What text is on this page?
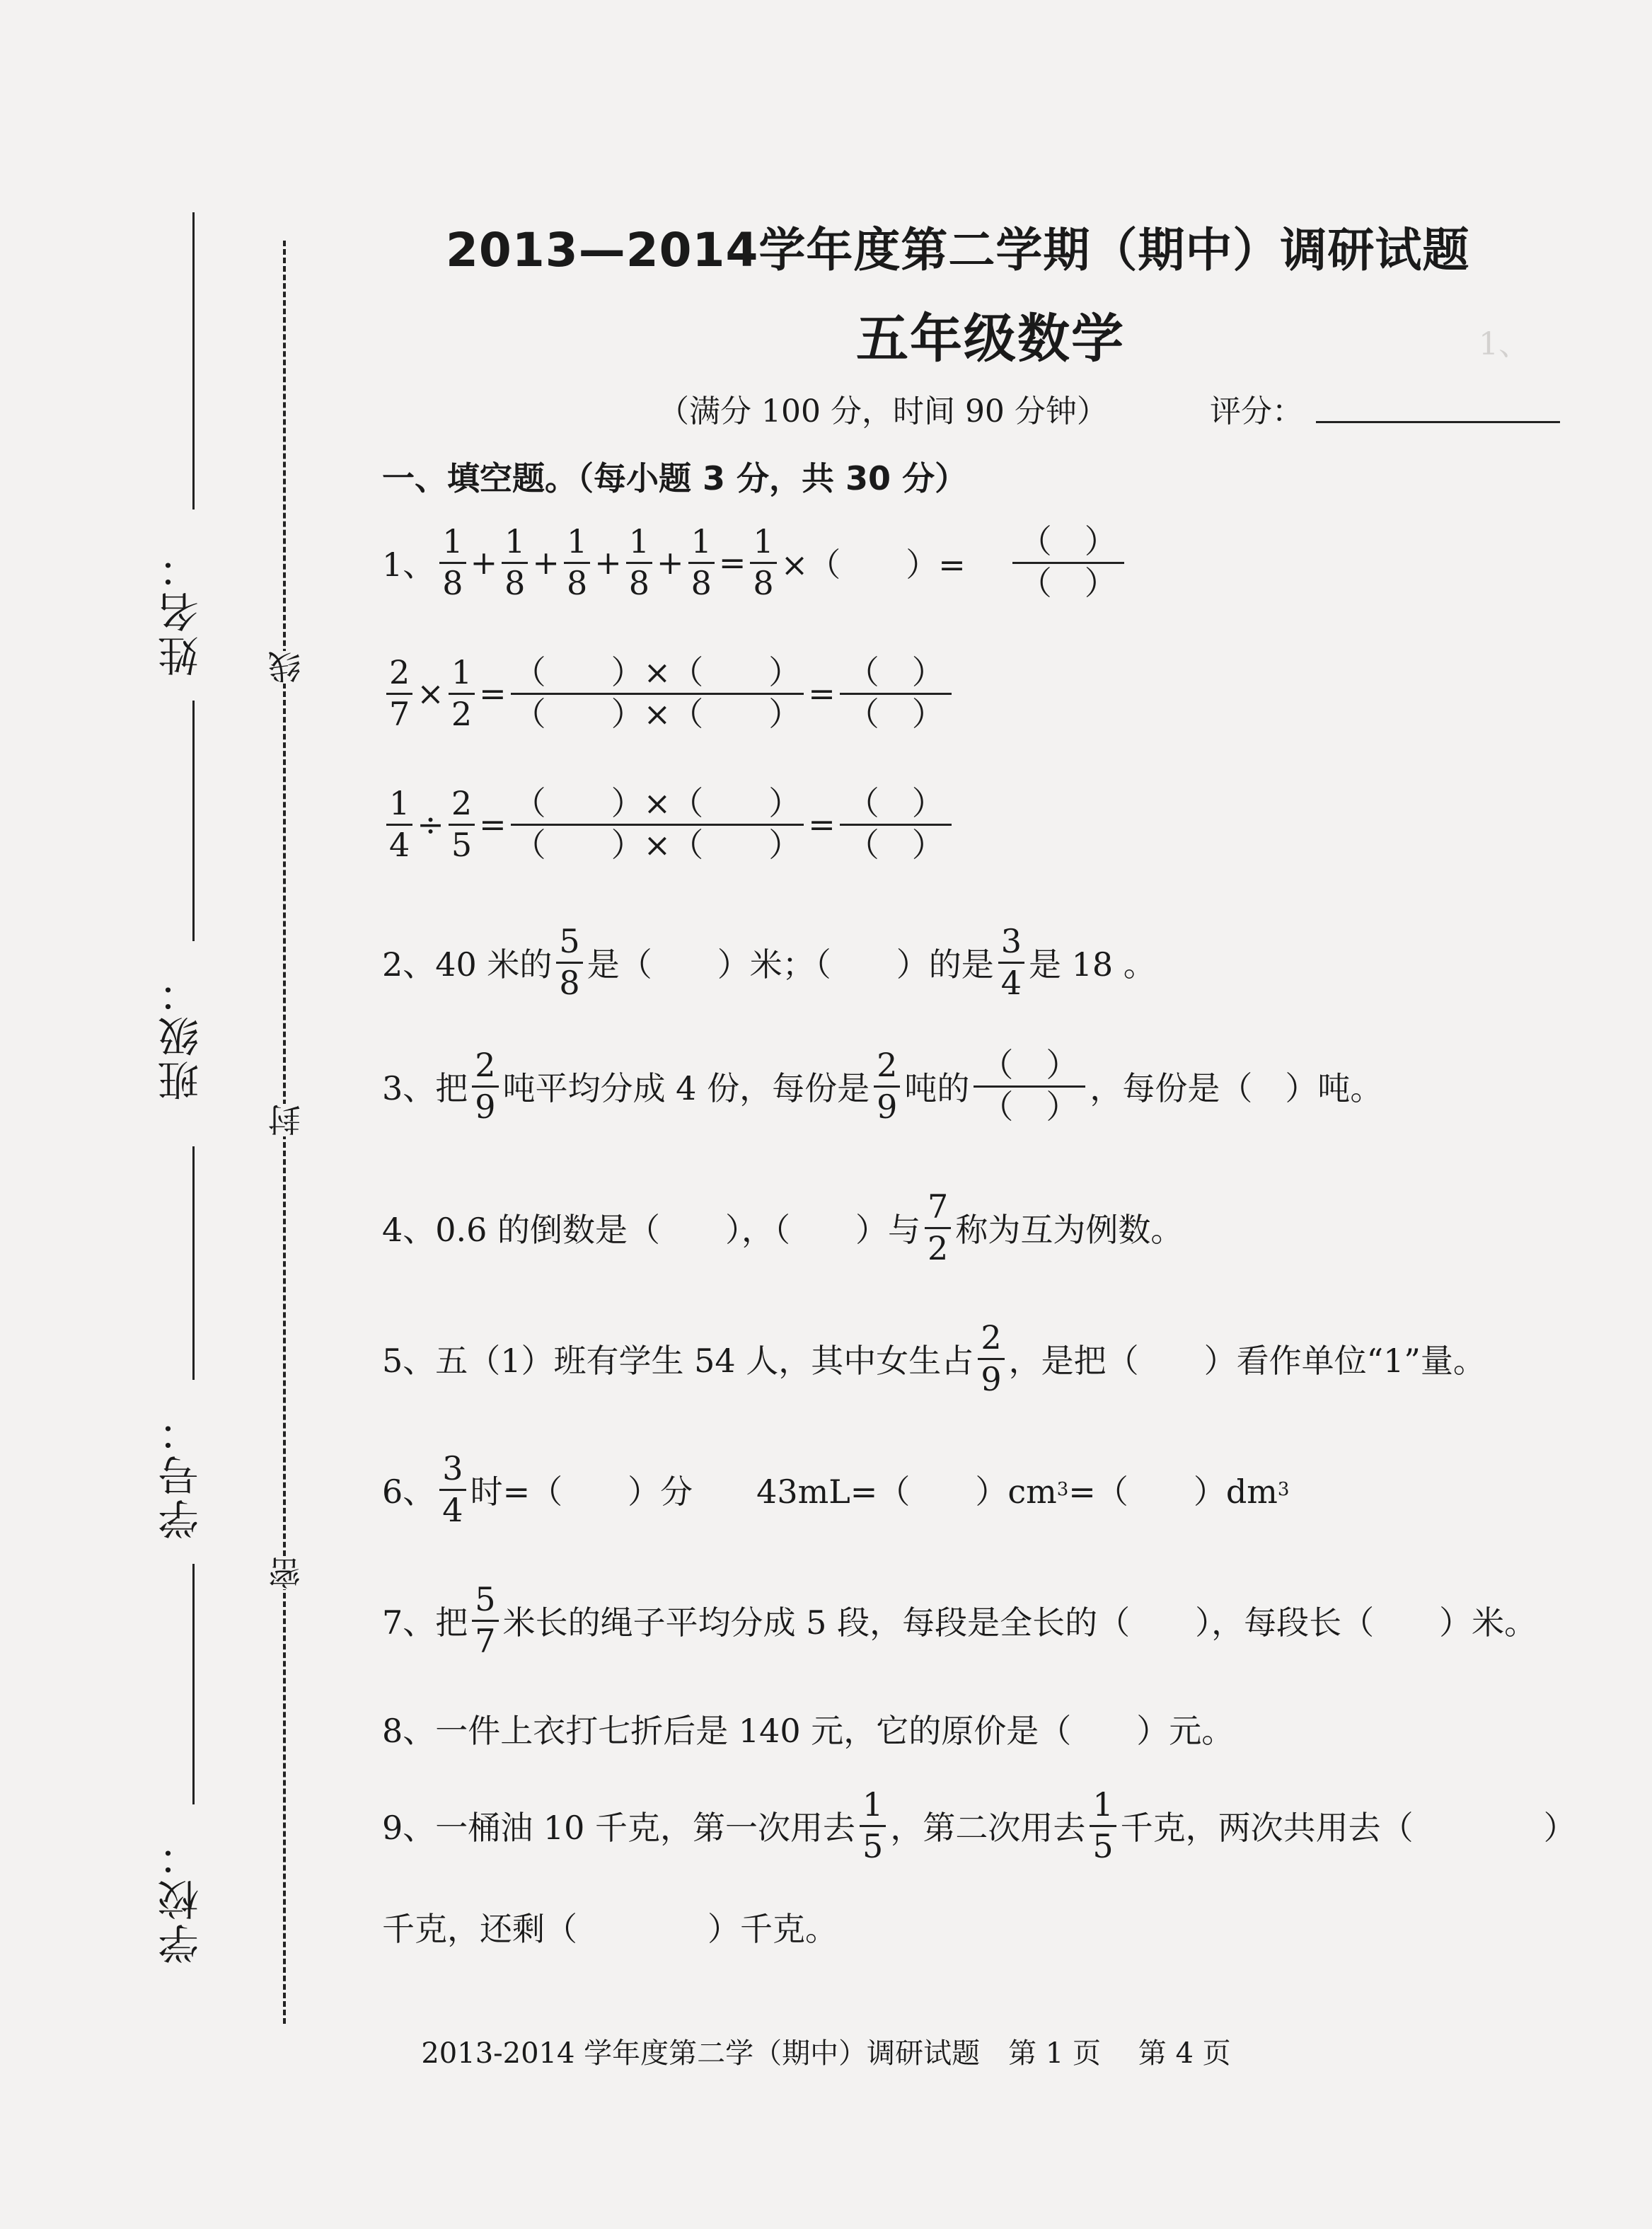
1、
姓名：
班级：
学号：
学校：
线
封
密
2013—2014学年度第二学期（期中）调研试题
五年级数学
（满分 100 分，时间 90 分钟）	评分：
一、填空题。（每小题 3 分，共 30 分）
1、 $\frac{1}{8} + \frac{1}{8} + \frac{1}{8} + \frac{1}{8} + \frac{1}{8} = \frac{1}{8}$ ×（　　）= $\frac{( )}{( )}$
$\frac{2}{7} \times \frac{1}{2} = \frac{( )\times( )}{( )\times( )} = \frac{( )}{( )}$
$\frac{1}{4} \div \frac{2}{5} = \frac{( )\times( )}{( )\times( )} = \frac{( )}{( )}$
2、40 米的 $\frac{5}{8}$ 是（　　）米；（　　）的是 $\frac{3}{4}$ 是 18 。
3、把 $\frac{2}{9}$ 吨平均分成 4 份，每份是 $\frac{2}{9}$ 吨的 $\frac{( )}{( )}$ ，每份是（　）吨。
4、0.6 的倒数是（　　），（　　）与 $\frac{7}{2}$ 称为互为例数。
5、五（1）班有学生 54 人，其中女生占 $\frac{2}{9}$ ，是把（　　）看作单位“1”量。
6、 $\frac{3}{4}$ 时=（　　）分 43mL=（　　）cm 3 =（　　）dm 3
7、把 $\frac{5}{7}$ 米长的绳子平均分成 5 段，每段是全长的（　　），每段长（　　）米。
8、一件上衣打七折后是 140 元，它的原价是（　　）元。
9、一桶油 10 千克，第一次用去 $\frac{1}{5}$ ，第二次用去 $\frac{1}{5}$ 千克，两次共用去（　　　　）
千克，还剩（　　　　）千克。
2013-2014 学年度第二学（期中）调研试题　第 1 页　 第 4 页
